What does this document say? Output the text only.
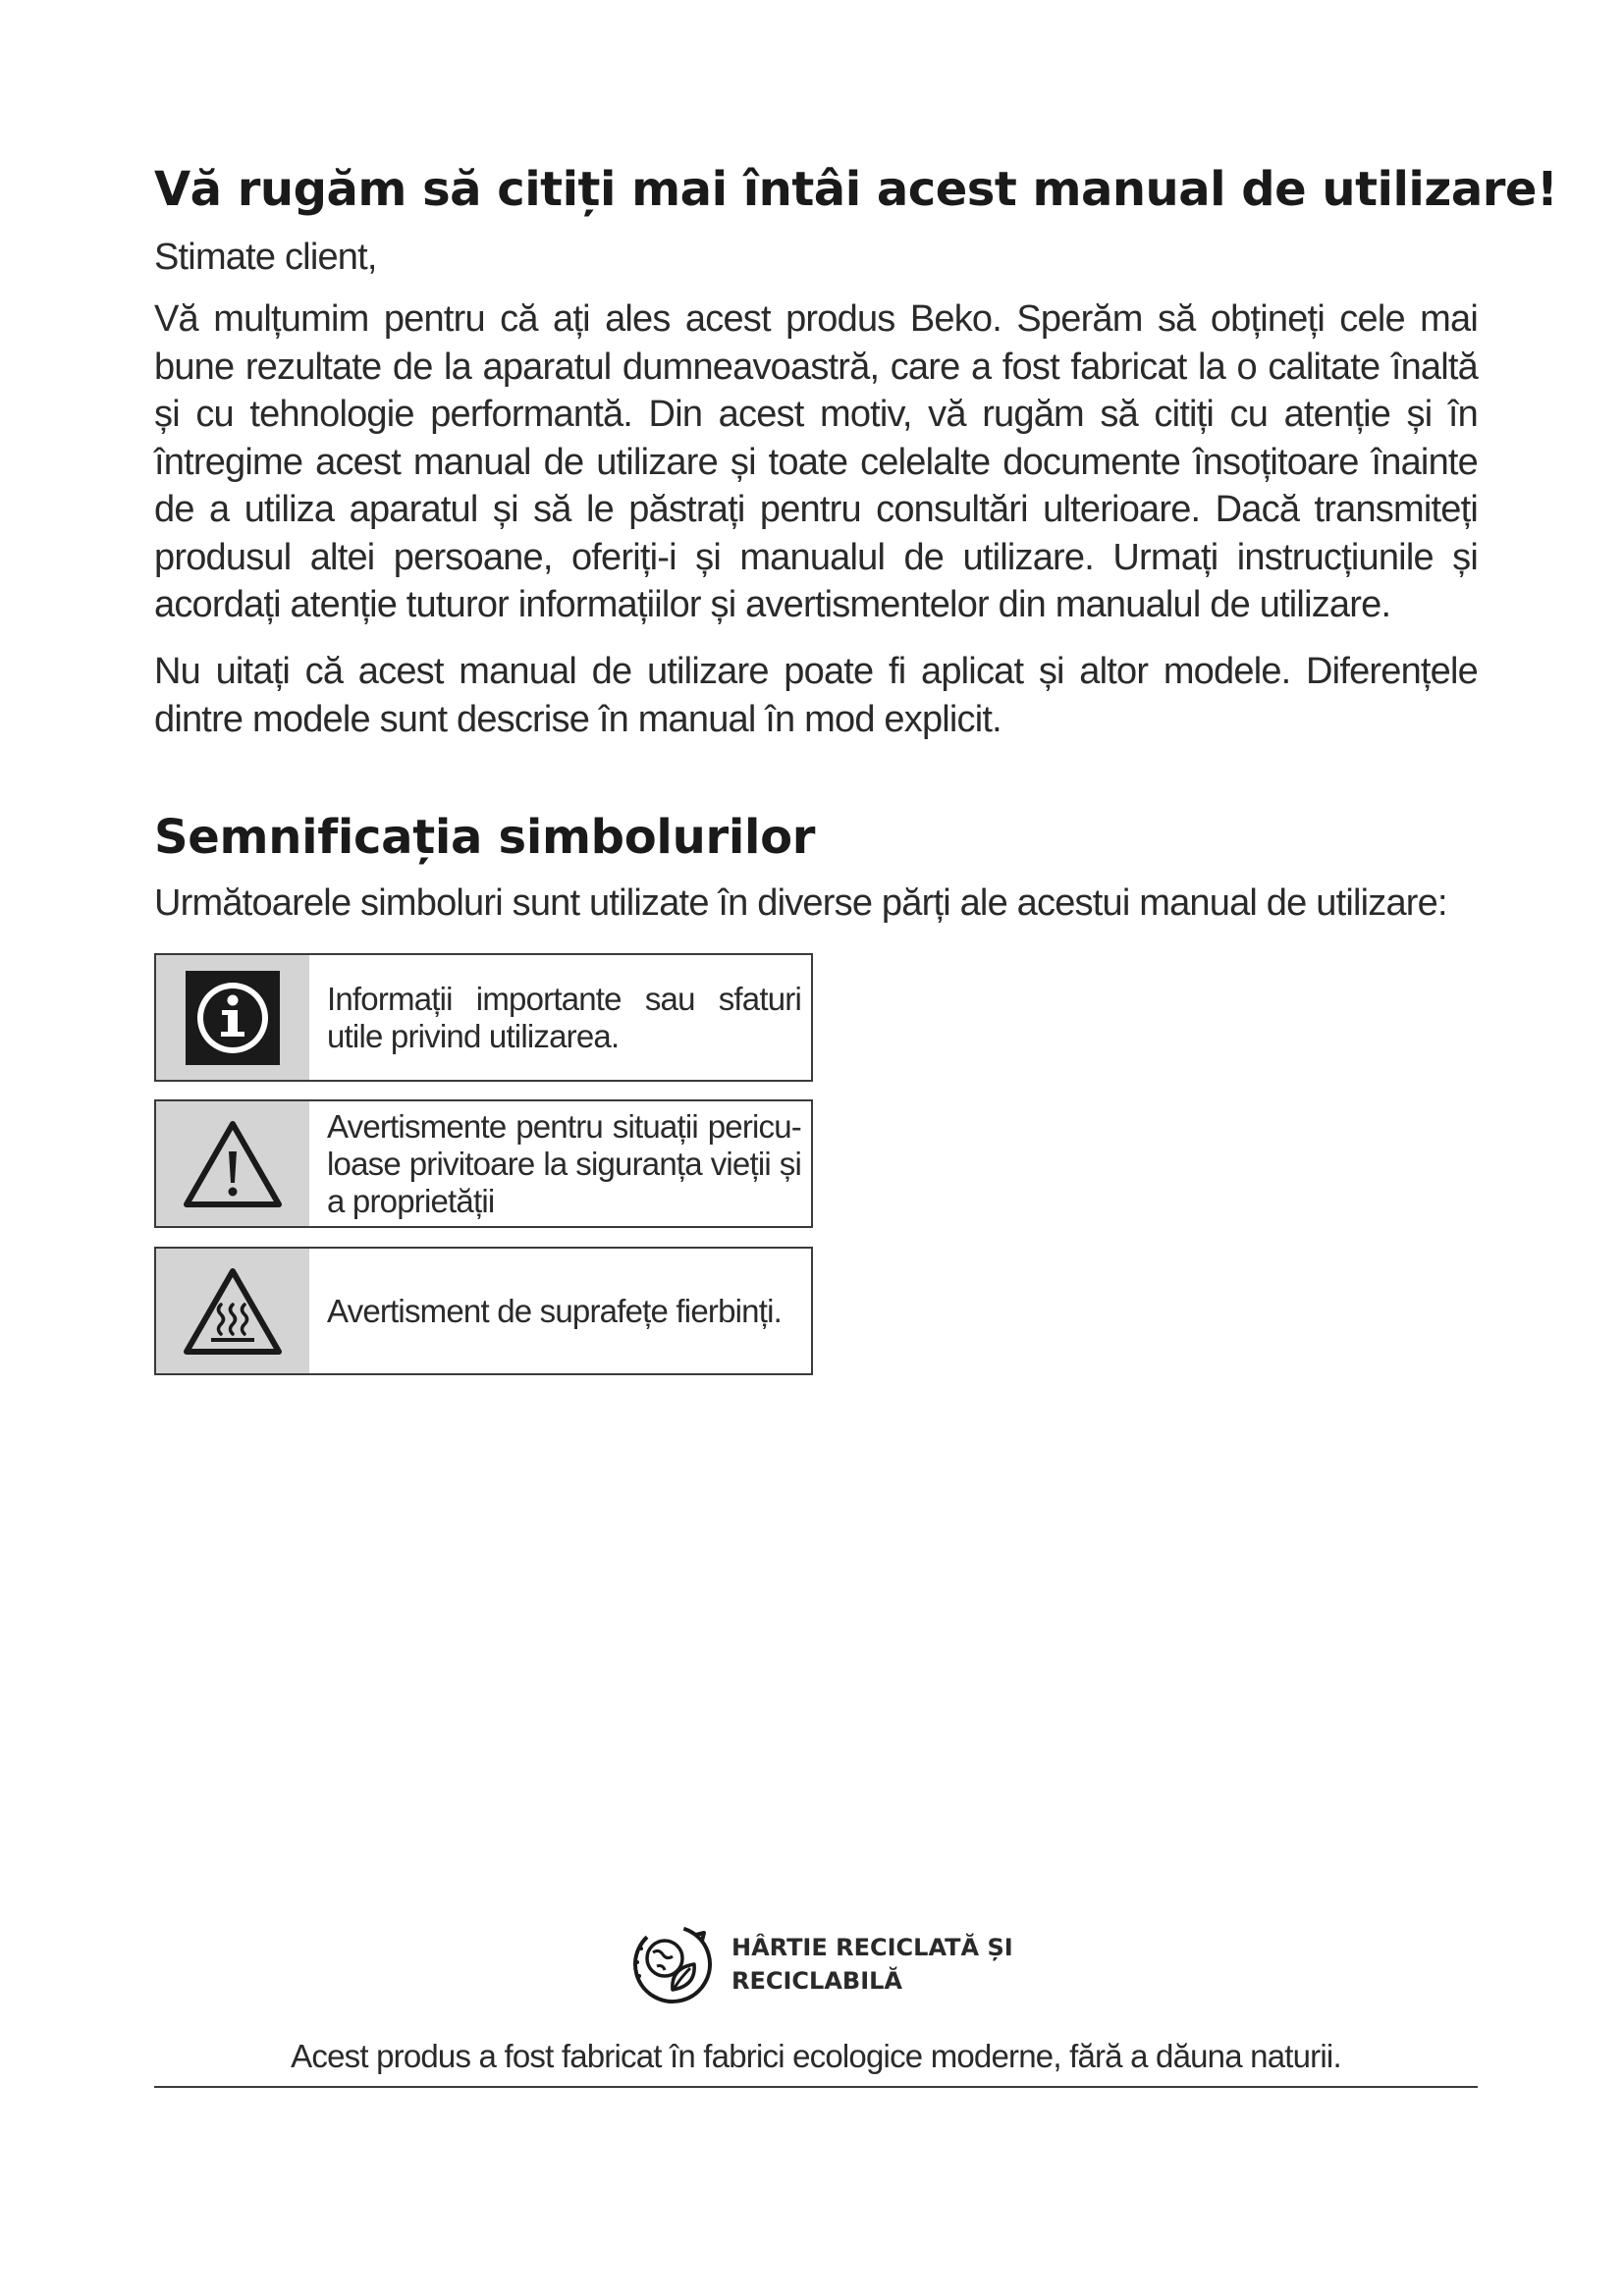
Vă rugăm să citiți mai întâi acest manual de utilizare!

Stimate client,

Vă mulțumim pentru că ați ales acest produs Beko. Sperăm să obțineți cele mai bune rezultate de la aparatul dumneavoastră, care a fost fabricat la o calitate înaltă și cu tehnologie performantă. Din acest motiv, vă rugăm să citiți cu atenție și în întregime acest manual de utilizare și toate celelalte documente însoțitoare înainte de a utiliza aparatul și să le păstrați pentru consultări ulterioare. Dacă transmiteți produsul altei persoane, oferiți-i și manualul de utilizare. Urmați instrucțiunile și acordați atenție tuturor informațiilor și avertismentelor din manualul de utilizare.

Nu uitați că acest manual de utilizare poate fi aplicat și altor modele. Diferențele dintre modele sunt descrise în manual în mod explicit.

Semnificația simbolurilor

Următoarele simboluri sunt utilizate în diverse părți ale acestui manual de utilizare:

Informații importante sau sfaturi utile privind utilizarea.
Avertismente pentru situații pericu-loase privitoare la siguranța vieții și a proprietății
Avertisment de suprafețe fierbinți.
HÂRTIE RECICLATĂ ȘI
RECICLABILĂ
Acest produs a fost fabricat în fabrici ecologice moderne, fără a dăuna naturii.
